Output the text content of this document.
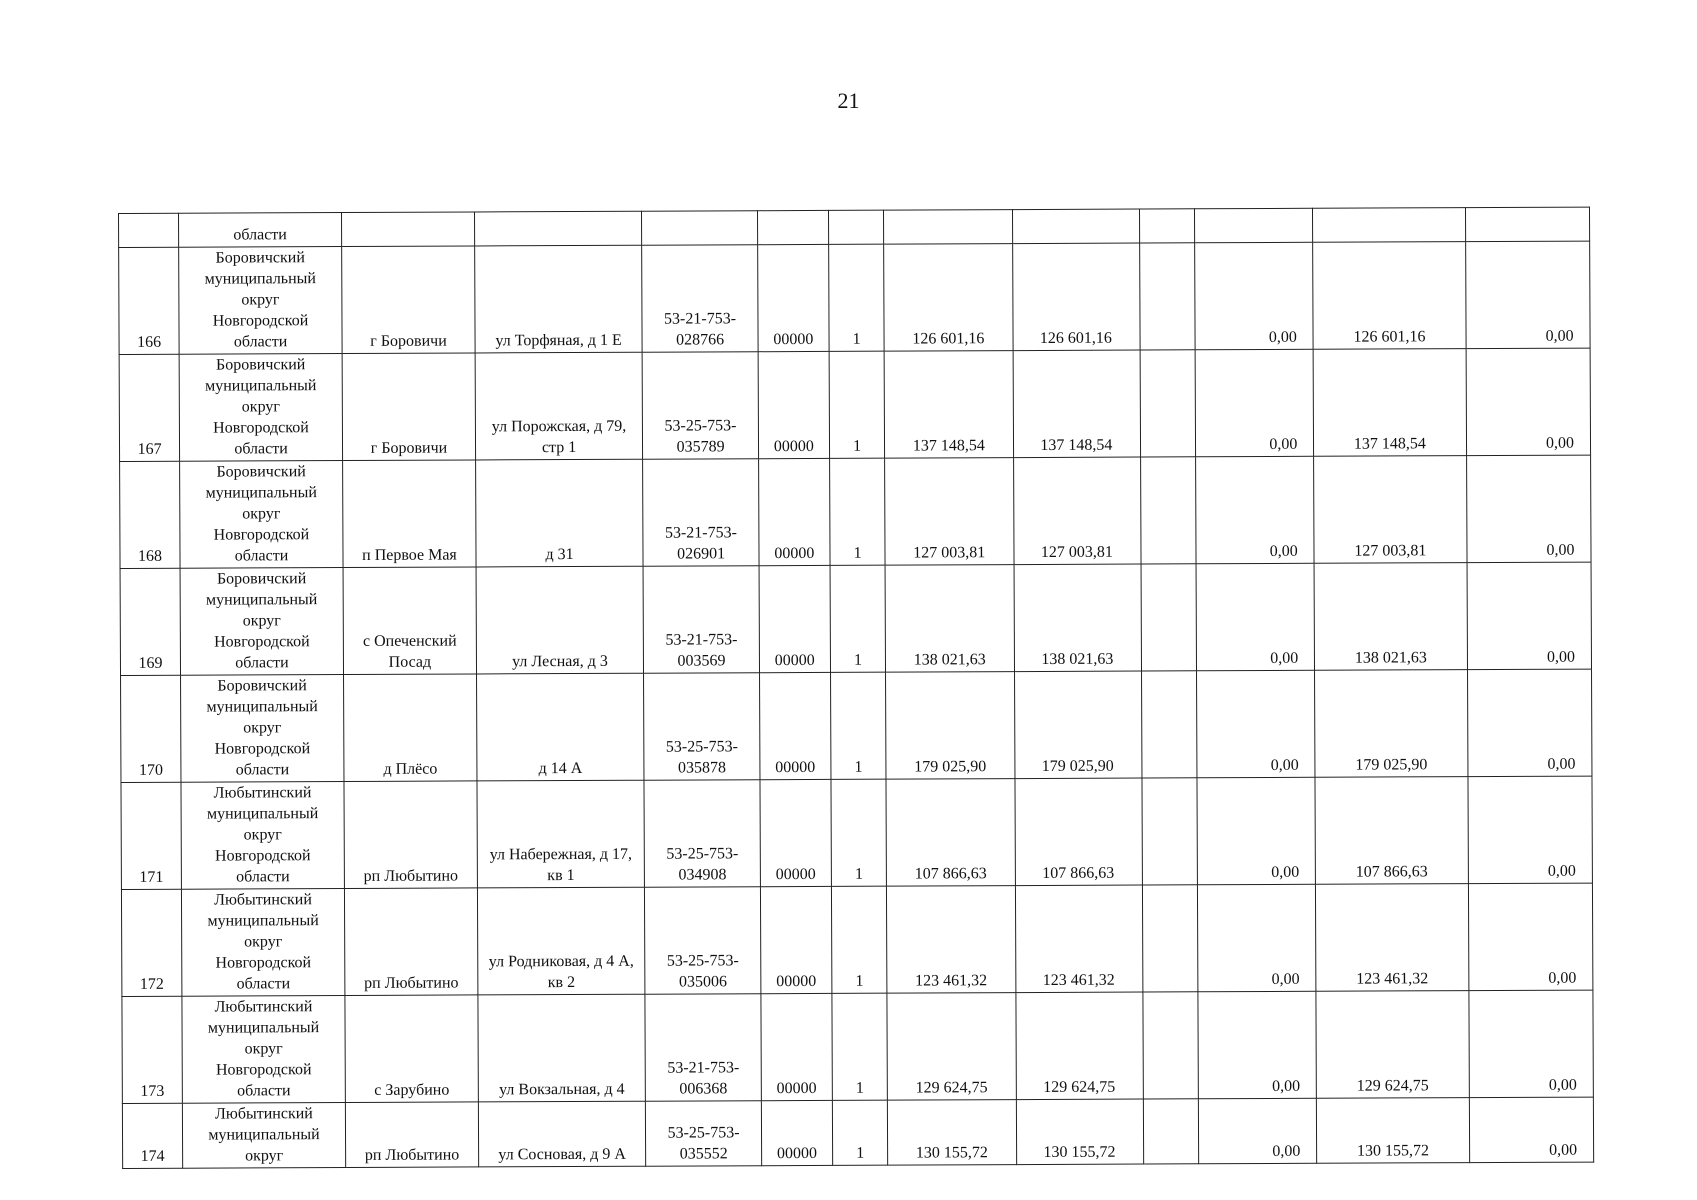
21
	области											
166	Боровичский
муниципальный
округ
Новгородской
области	г Боровичи	ул Торфяная, д 1 Е	53-21-753-028766	00000	1	126 601,16	126 601,16		0,00	126 601,16	0,00
167	Боровичский
муниципальный
округ
Новгородской
области	г Боровичи	ул Порожская, д 79, стр 1	53-25-753-035789	00000	1	137 148,54	137 148,54		0,00	137 148,54	0,00
168	Боровичский
муниципальный
округ
Новгородской
области	п Первое Мая	д 31	53-21-753-026901	00000	1	127 003,81	127 003,81		0,00	127 003,81	0,00
169	Боровичский
муниципальный
округ
Новгородской
области	с Опеченский Посад	ул Лесная, д 3	53-21-753-003569	00000	1	138 021,63	138 021,63		0,00	138 021,63	0,00
170	Боровичский
муниципальный
округ
Новгородской
области	д Плёсо	д 14 А	53-25-753-035878	00000	1	179 025,90	179 025,90		0,00	179 025,90	0,00
171	Любытинский
муниципальный
округ
Новгородской
области	рп Любытино	ул Набережная, д 17, кв 1	53-25-753-034908	00000	1	107 866,63	107 866,63		0,00	107 866,63	0,00
172	Любытинский
муниципальный
округ
Новгородской
области	рп Любытино	ул Родниковая, д 4 А, кв 2	53-25-753-035006	00000	1	123 461,32	123 461,32		0,00	123 461,32	0,00
173	Любытинский
муниципальный
округ
Новгородской
области	с Зарубино	ул Вокзальная, д 4	53-21-753-006368	00000	1	129 624,75	129 624,75		0,00	129 624,75	0,00
174	Любытинский
муниципальный
округ	рп Любытино	ул Сосновая, д 9 А	53-25-753-035552	00000	1	130 155,72	130 155,72		0,00	130 155,72	0,00
